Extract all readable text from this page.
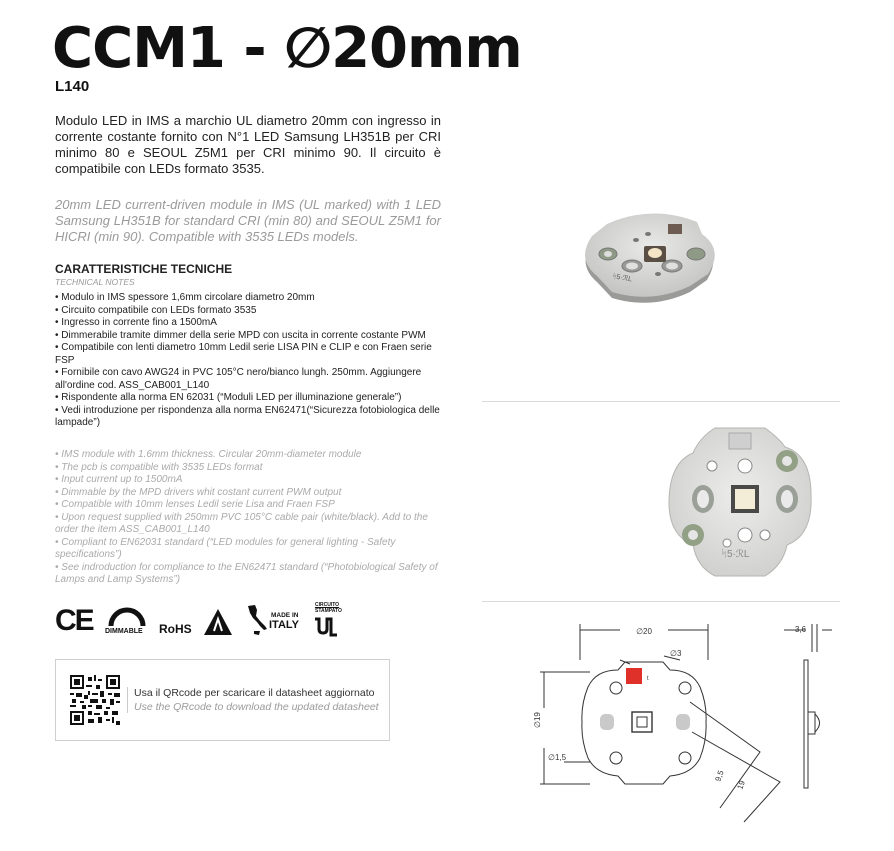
CCM1 - ∅20mm
L140
Modulo LED in IMS a marchio UL diametro 20mm con ingresso in corrente costante fornito con N°1 LED Samsung LH351B per CRI minimo 80 e SEOUL Z5M1 per CRI minimo 90. Il circuito è compatibile con LEDs formato 3535.
20mm LED current-driven module in IMS (UL marked) with 1 LED Samsung LH351B for standard CRI (min 80) and SEOUL Z5M1 for HICRI (min 90). Compatible with 3535 LEDs models.
CARATTERISTICHE TECNICHE
TECHNICAL NOTES
• Modulo in IMS spessore 1,6mm circolare diametro 20mm
• Circuito compatibile con LEDs formato 3535
• Ingresso in corrente fino a 1500mA
• Dimmerabile tramite dimmer della serie MPD con uscita in corrente costante PWM
• Compatibile con lenti diametro 10mm Ledil serie LISA PIN e CLIP e con Fraen serie FSP
• Fornibile con cavo AWG24 in PVC 105°C nero/bianco lungh. 250mm. Aggiungere all'ordine cod. ASS_CAB001_L140
• Rispondente alla norma EN 62031 (“Moduli LED per illuminazione generale”)
• Vedi introduzione per rispondenza alla norma EN62471(“Sicurezza fotobiologica delle lampade”)
• IMS module with 1.6mm thickness. Circular 20mm-diameter module
• The pcb is compatible with 3535 LEDs format
• Input current up to 1500mA
• Dimmable by the MPD drivers whit costant current PWM output
• Compatible with 10mm lenses Ledil serie Lisa and Fraen FSP
• Upon request supplied with 250mm PVC 105°C cable pair (white/black). Add to the order the item ASS_CAB001_L140
• Compliant to EN62031 standard (“LED modules for general lighting - Safety specifications”)
• See indroduction for compliance to the EN62471 standard (“Photobiological Safety of Lamps and Lamp Systems”)
CE DIMMABLE RoHS
MADE IN
ITALY
CIRCUITO
STAMPATO
Usa il QRcode per scaricare il datasheet aggiornato
Use the QRcode to download the updated datasheet
ᛋ5·ℛL
ᛋ5·ℛL
∅20
∅3
t
∅19
∅1,5
3,6
9,5
19
